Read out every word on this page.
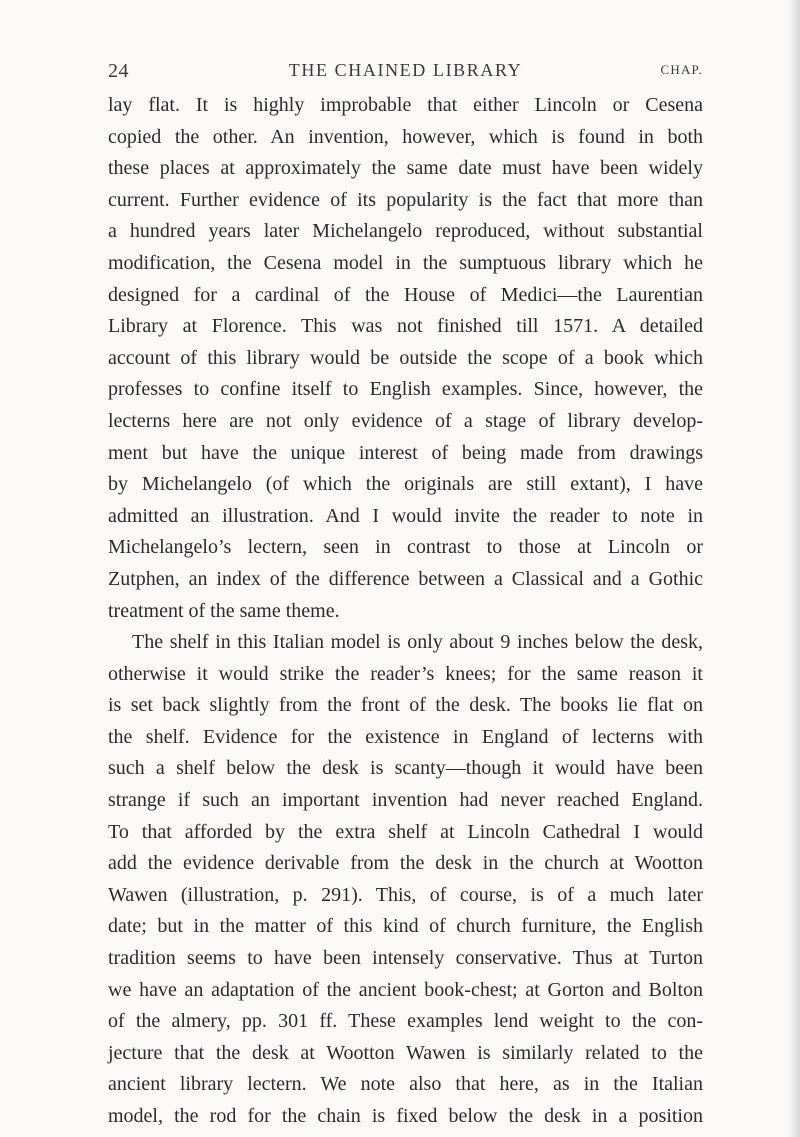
24	THE CHAINED LIBRARY	CHAP.
lay flat. It is highly improbable that either Lincoln or Cesena
copied the other. An invention, however, which is found in both
these places at approximately the same date must have been widely
current. Further evidence of its popularity is the fact that more than
a hundred years later Michelangelo reproduced, without substantial
modification, the Cesena model in the sumptuous library which he
designed for a cardinal of the House of Medici—the Laurentian
Library at Florence. This was not finished till 1571. A detailed
account of this library would be outside the scope of a book which
professes to confine itself to English examples. Since, however, the
lecterns here are not only evidence of a stage of library develop-
ment but have the unique interest of being made from drawings
by Michelangelo (of which the originals are still extant), I have
admitted an illustration. And I would invite the reader to note in
Michelangelo’s lectern, seen in contrast to those at Lincoln or
Zutphen, an index of the difference between a Classical and a Gothic
treatment of the same theme.
The shelf in this Italian model is only about 9 inches below the desk,
otherwise it would strike the reader’s knees; for the same reason it
is set back slightly from the front of the desk. The books lie flat on
the shelf. Evidence for the existence in England of lecterns with
such a shelf below the desk is scanty—though it would have been
strange if such an important invention had never reached England.
To that afforded by the extra shelf at Lincoln Cathedral I would
add the evidence derivable from the desk in the church at Wootton
Wawen (illustration, p. 291). This, of course, is of a much later
date; but in the matter of this kind of church furniture, the English
tradition seems to have been intensely conservative. Thus at Turton
we have an adaptation of the ancient book-chest; at Gorton and Bolton
of the almery, pp. 301 ff. These examples lend weight to the con-
jecture that the desk at Wootton Wawen is similarly related to the
ancient library lectern. We note also that here, as in the Italian
model, the rod for the chain is fixed below the desk in a position
